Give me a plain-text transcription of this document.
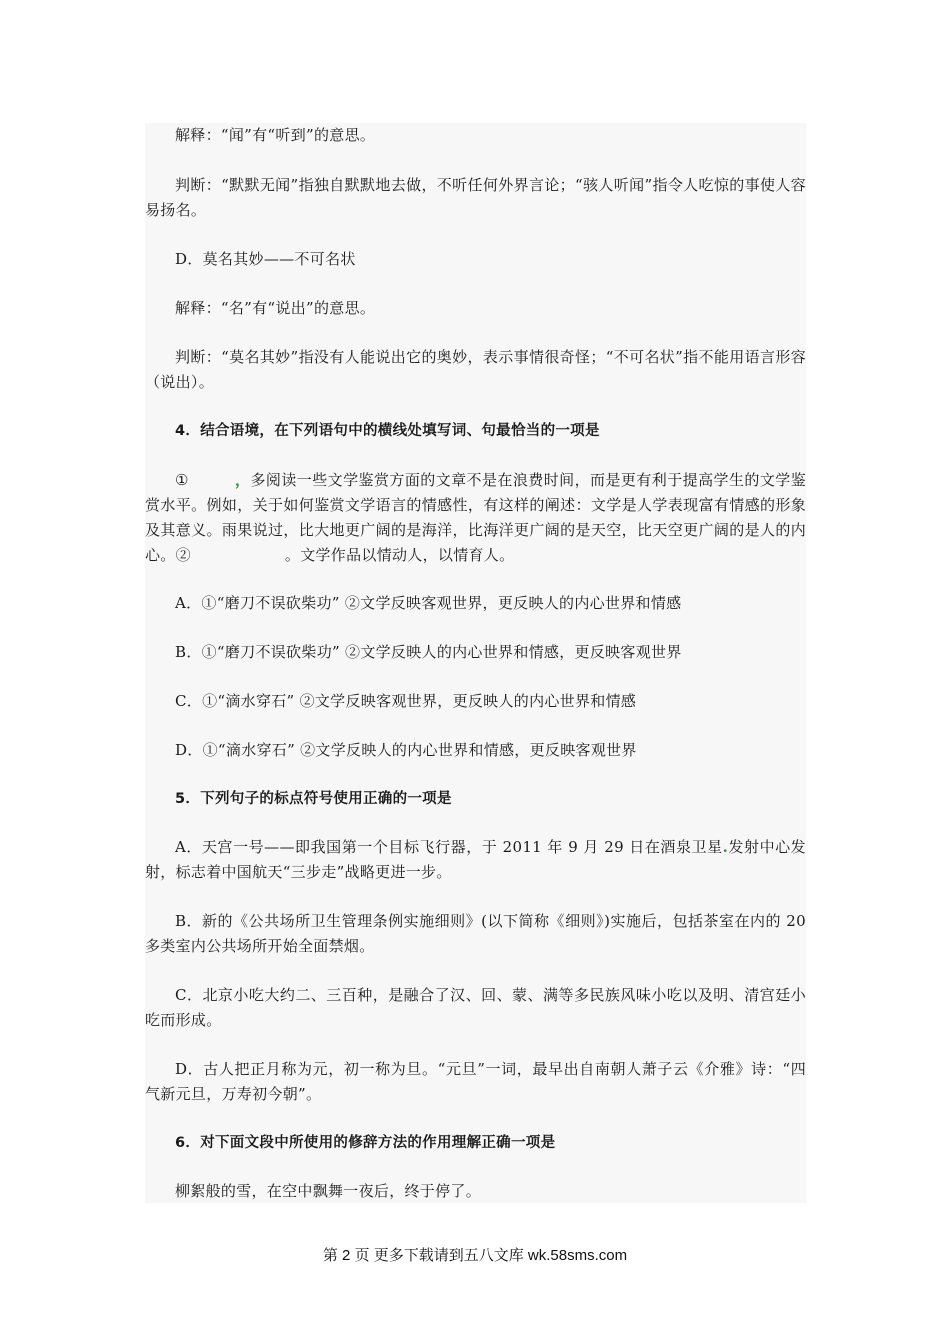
解释：“闻”有“听到”的意思。

判断：“默默无闻”指独自默默地去做，不听任何外界言论；“骇人听闻”指令人吃惊的事使人容易扬名。

D．莫名其妙——不可名状

解释：“名”有“说出”的意思。

判断：“莫名其妙”指没有人能说出它的奥妙，表示事情很奇怪；“不可名状”指不能用语言形容（说出）。

4．结合语境，在下列语句中的横线处填写词、句最恰当的一项是

①	，多阅读一些文学鉴赏方面的文章不是在浪费时间，而是更有利于提高学生的文学鉴赏水平。例如，关于如何鉴赏文学语言的情感性，有这样的阐述：文学是人学表现富有情感的形象及其意义。雨果说过，比大地更广阔的是海洋，比海洋更广阔的是天空，比天空更广阔的是人的内心。②	。文学作品以情动人，以情育人。

A．①“磨刀不误砍柴功” ②文学反映客观世界，更反映人的内心世界和情感

B．①“磨刀不误砍柴功” ②文学反映人的内心世界和情感，更反映客观世界

C．①“滴水穿石” ②文学反映客观世界，更反映人的内心世界和情感

D．①“滴水穿石” ②文学反映人的内心世界和情感，更反映客观世界

5．下列句子的标点符号使用正确的一项是

A．天宫一号——即我国第一个目标飞行器，于 2011 年 9 月 29 日在酒泉卫星.发射中心发射，标志着中国航天“三步走”战略更进一步。

B．新的《公共场所卫生管理条例实施细则》(以下简称《细则》)实施后，包括茶室在内的 20 多类室内公共场所开始全面禁烟。

C．北京小吃大约二、三百种，是融合了汉、回、蒙、满等多民族风味小吃以及明、清宫廷小吃而形成。

D．古人把正月称为元，初一称为旦。“元旦”一词，最早出自南朝人萧子云《介雅》诗：“四气新元旦，万寿初今朝”。

6．对下面文段中所使用的修辞方法的作用理解正确一项是

柳絮般的雪，在空中飘舞一夜后，终于停了。

第 2 页 更多下载请到五八文库 wk.58sms.com
